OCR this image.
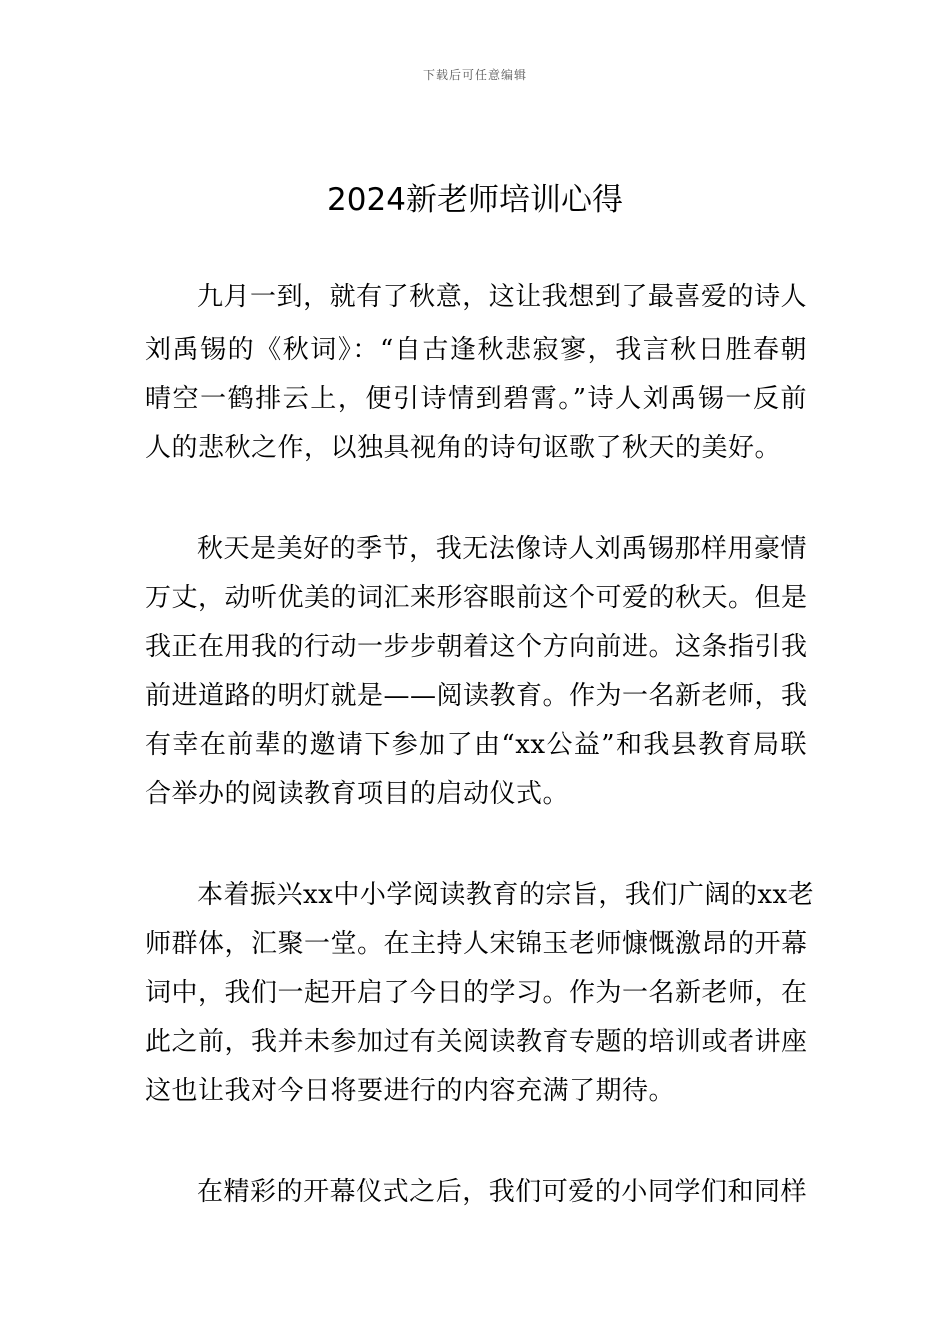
下载后可任意编辑
2024新老师培训心得

九月一到，就有了秋意，这让我想到了最喜爱的诗人

刘禹锡的《秋词》：“自古逢秋悲寂寥，我言秋日胜春朝

晴空一鹤排云上，便引诗情到碧霄。”诗人刘禹锡一反前

人的悲秋之作，以独具视角的诗句讴歌了秋天的美好。

秋天是美好的季节，我无法像诗人刘禹锡那样用豪情

万丈，动听优美的词汇来形容眼前这个可爱的秋天。但是

我正在用我的行动一步步朝着这个方向前进。这条指引我

前进道路的明灯就是——阅读教育。作为一名新老师，我

有幸在前辈的邀请下参加了由“xx公益”和我县教育局联

合举办的阅读教育项目的启动仪式。

本着振兴xx中小学阅读教育的宗旨，我们广阔的xx老

师群体，汇聚一堂。在主持人宋锦玉老师慷慨激昂的开幕

词中，我们一起开启了今日的学习。作为一名新老师，在

此之前，我并未参加过有关阅读教育专题的培训或者讲座

这也让我对今日将要进行的内容充满了期待。

在精彩的开幕仪式之后，我们可爱的小同学们和同样
